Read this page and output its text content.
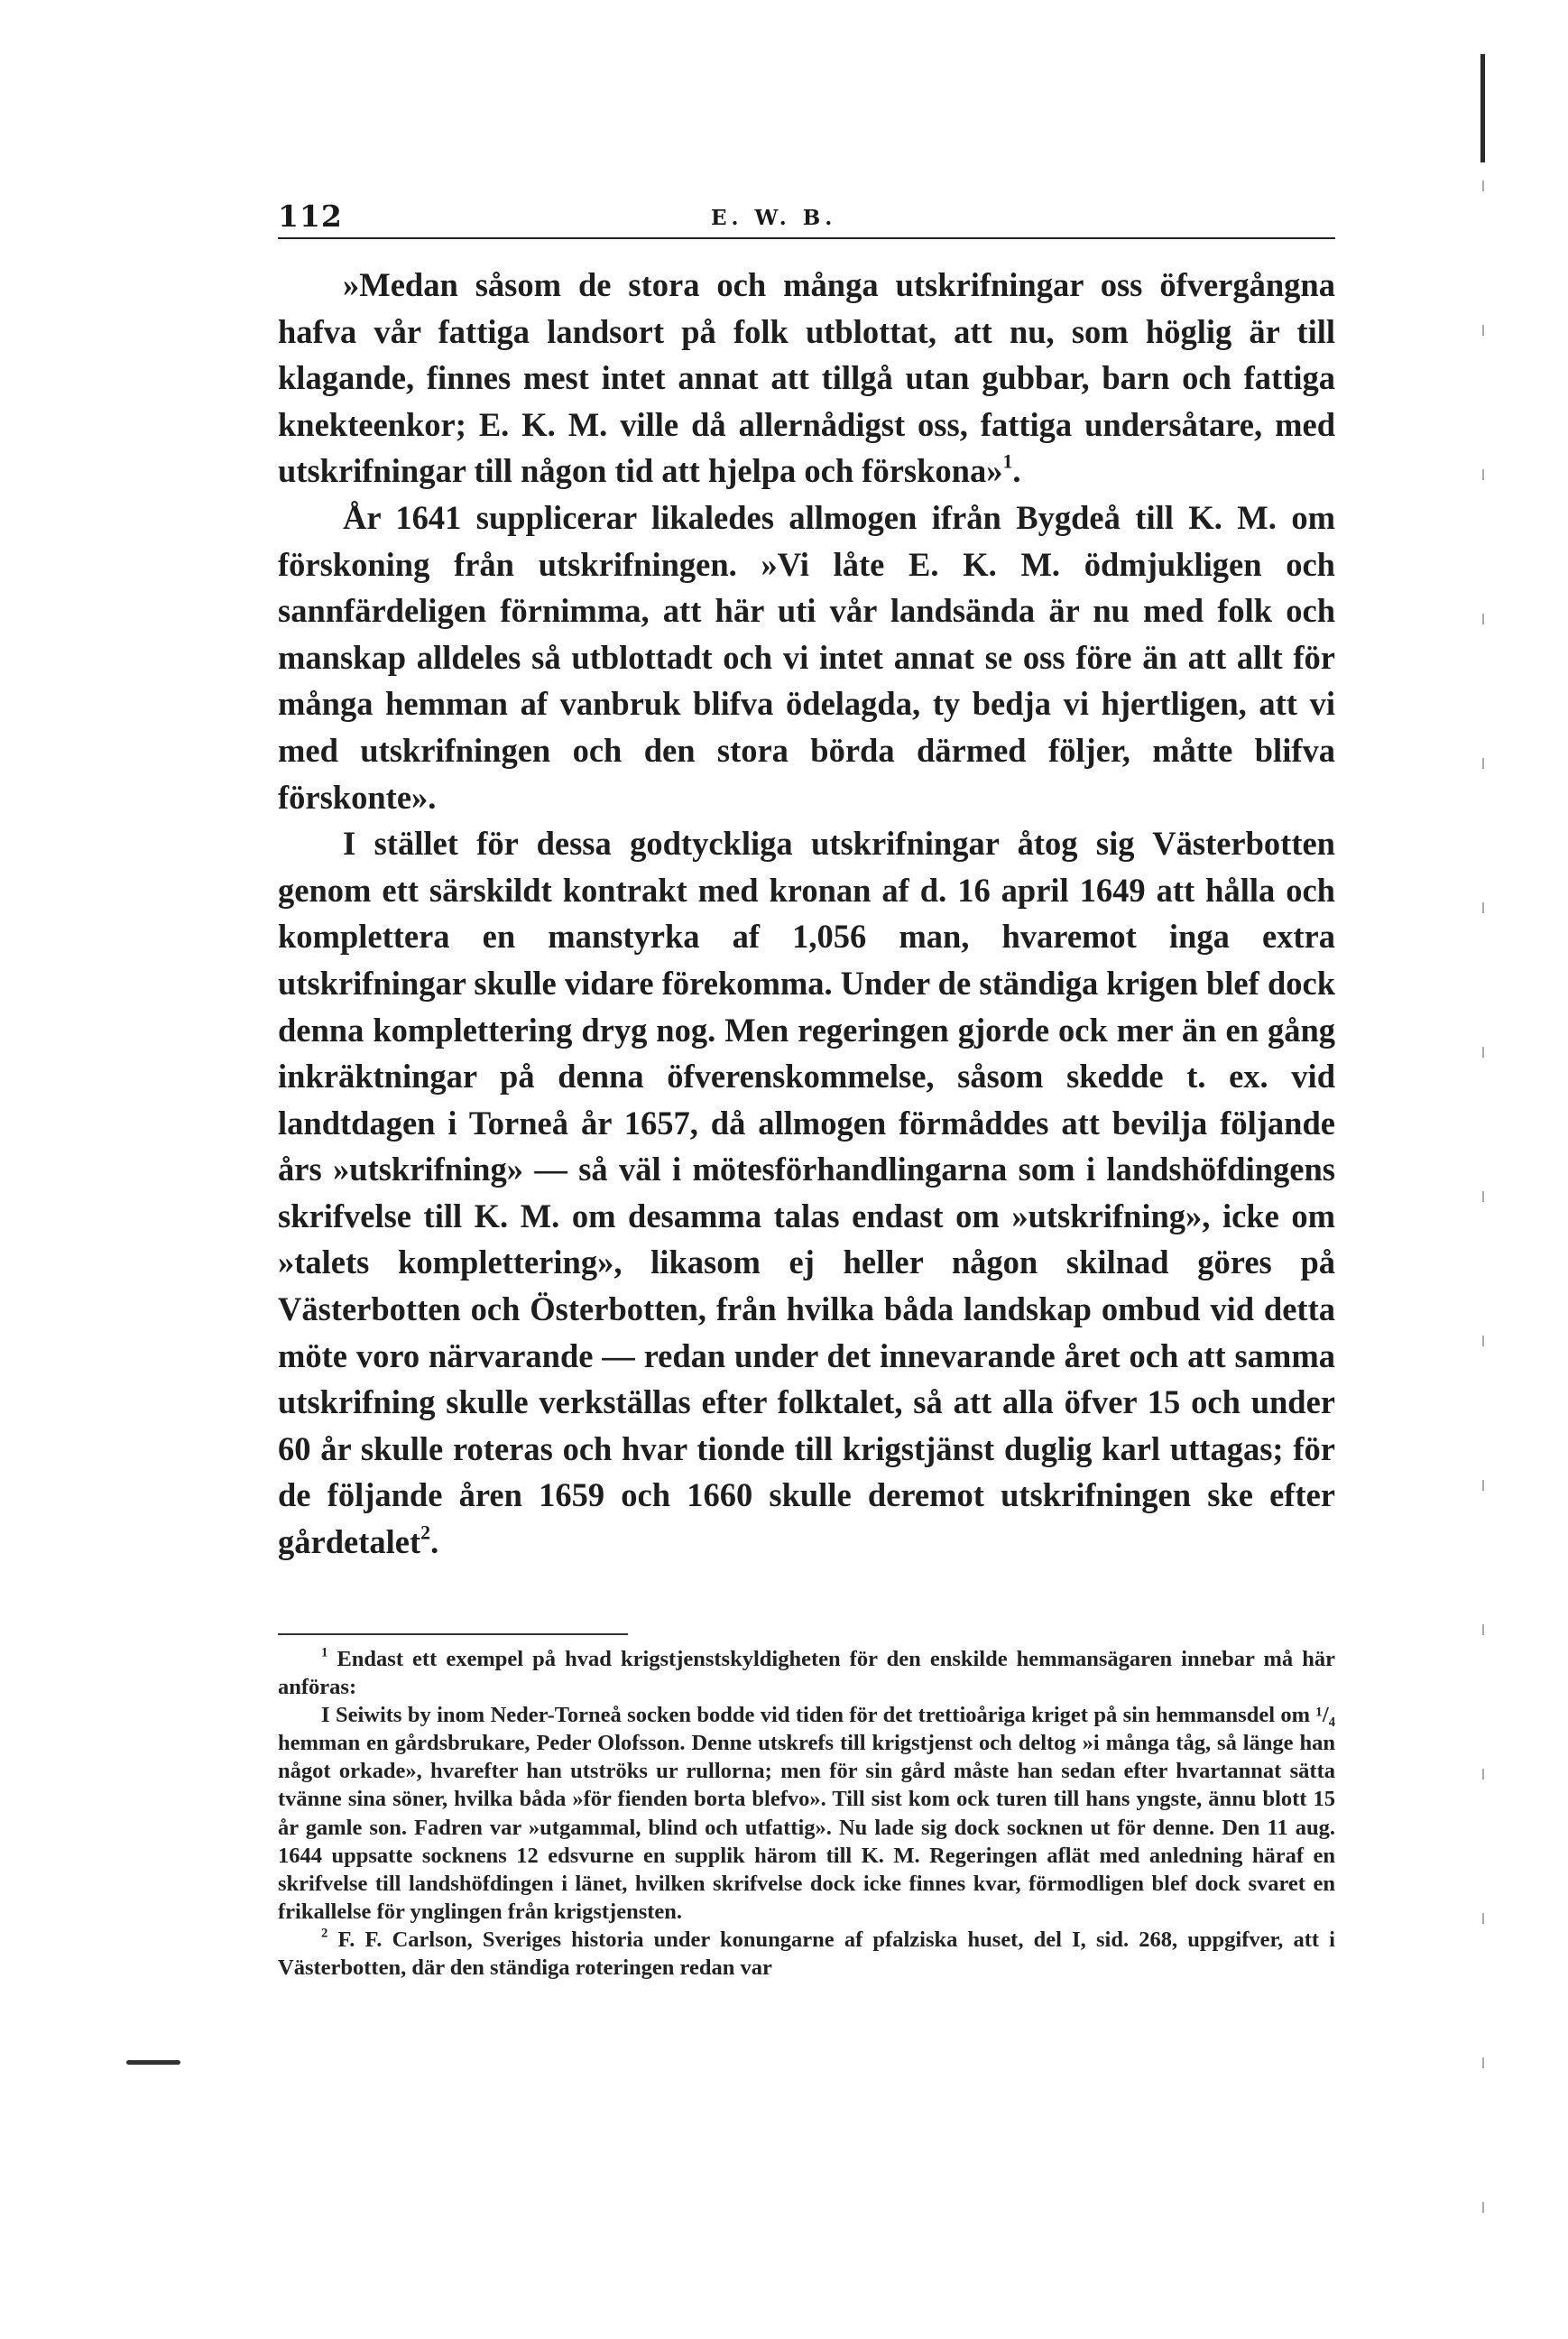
112	E. W. B.

»Medan såsom de stora och många utskrifningar oss öfvergångna hafva vår fattiga landsort på folk utblottat, att nu, som höglig är till klagande, finnes mest intet annat att tillgå utan gubbar, barn och fattiga knekteenkor; E. K. M. ville då allernådigst oss, fattiga undersåtare, med utskrifningar till någon tid att hjelpa och förskona»$^1$.

År 1641 supplicerar likaledes allmogen ifrån Bygdeå till K. M. om förskoning från utskrifningen. »Vi låte E. K. M. ödmjukligen och sannfärdeligen förnimma, att här uti vår landsända är nu med folk och manskap alldeles så utblottadt och vi intet annat se oss före än att allt för många hemman af vanbruk blifva ödelagda, ty bedja vi hjertligen, att vi med utskrifningen och den stora börda därmed följer, måtte blifva förskonte».

I stället för dessa godtyckliga utskrifningar åtog sig Västerbotten genom ett särskildt kontrakt med kronan af d. 16 april 1649 att hålla och komplettera en manstyrka af 1,056 man, hvaremot inga extra utskrifningar skulle vidare förekomma. Under de ständiga krigen blef dock denna komplettering dryg nog. Men regeringen gjorde ock mer än en gång inkräktningar på denna öfverenskommelse, såsom skedde t. ex. vid landtdagen i Torneå år 1657, då allmogen förmåddes att bevilja följande års »utskrifning» — så väl i mötesförhandlingarna som i landshöfdingens skrifvelse till K. M. om desamma talas endast om »utskrifning», icke om »talets komplettering», likasom ej heller någon skilnad göres på Västerbotten och Österbotten, från hvilka båda landskap ombud vid detta möte voro närvarande — redan under det innevarande året och att samma utskrifning skulle verkställas efter folktalet, så att alla öfver 15 och under 60 år skulle roteras och hvar tionde till krigstjänst duglig karl uttagas; för de följande åren 1659 och 1660 skulle deremot utskrifningen ske efter gårdetalet$^2$.

$^1$ Endast ett exempel på hvad krigstjenstskyldigheten för den enskilde hemmansägaren innebar må här anföras:

I Seiwits by inom Neder-Torneå socken bodde vid tiden för det trettioåriga kriget på sin hemmansdel om ¹/₄ hemman en gårdsbrukare, Peder Olofsson. Denne utskrefs till krigstjenst och deltog »i många tåg, så länge han något orkade», hvarefter han utströks ur rullorna; men för sin gård måste han sedan efter hvartannat sätta tvänne sina söner, hvilka båda »för fienden borta blefvo». Till sist kom ock turen till hans yngste, ännu blott 15 år gamle son. Fadren var »utgammal, blind och utfattig». Nu lade sig dock socknen ut för denne. Den 11 aug. 1644 uppsatte socknens 12 edsvurne en supplik härom till K. M. Regeringen aflät med anledning häraf en skrifvelse till landshöfdingen i länet, hvilken skrifvelse dock icke finnes kvar, förmodligen blef dock svaret en frikallelse för ynglingen från krigstjensten.

$^2$ F. F. Carlson, Sveriges historia under konungarne af pfalziska huset, del I, sid. 268, uppgifver, att i Västerbotten, där den ständiga roteringen redan var
